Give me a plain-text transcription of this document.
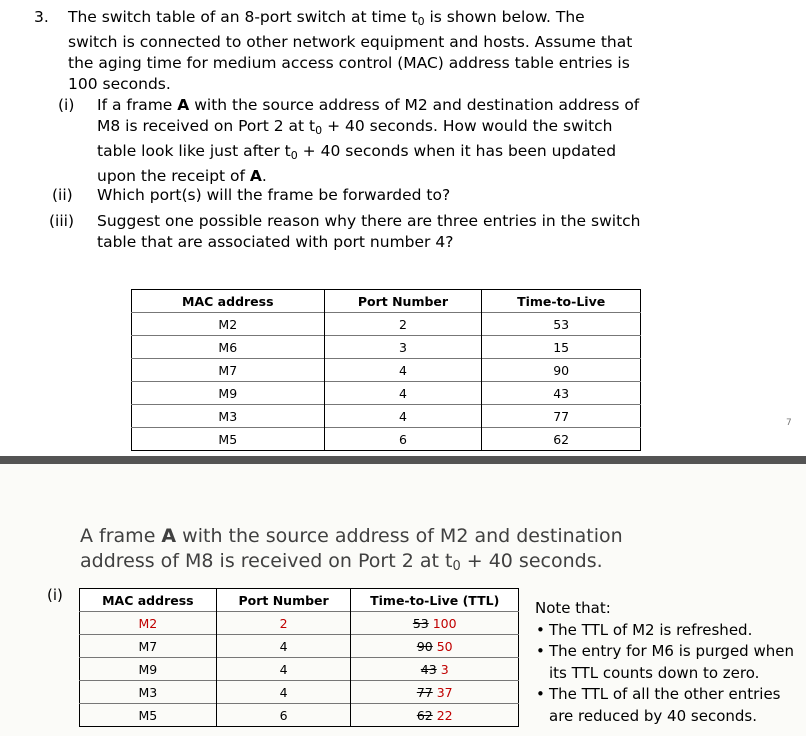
3. The switch table of an 8-port switch at time $t_0$ is shown below. The
switch is connected to other network equipment and hosts. Assume that
the aging time for medium access control (MAC) address table entries is
100 seconds.
(i) If a frame A with the source address of M2 and destination address of
M8 is received on Port 2 at $t_0 + 40$ seconds. How would the switch
table look like just after $t_0 + 40$ seconds when it has been updated
upon the receipt of A.
(ii) Which port(s) will the frame be forwarded to?
(iii) Suggest one possible reason why there are three entries in the switch
table that are associated with port number 4?
MAC address	Port Number	Time-to-Live
M2	2	53
M6	3	15
M7	4	90
M9	4	43
M3	4	77
M5	6	62
7
A frame A with the source address of M2 and destination
address of M8 is received on Port 2 at $t_0 + 40$ seconds.
(i)	MAC address	Port Number	Time-to-Live (TTL)
M2	2	53 100
M7	4	90 50
M9	4	43 3
M3	4	77 37
M5	6	62 22
Note that:
• The TTL of M2 is refreshed.
• The entry for M6 is purged when
its TTL counts down to zero.
• The TTL of all the other entries
are reduced by 40 seconds.
